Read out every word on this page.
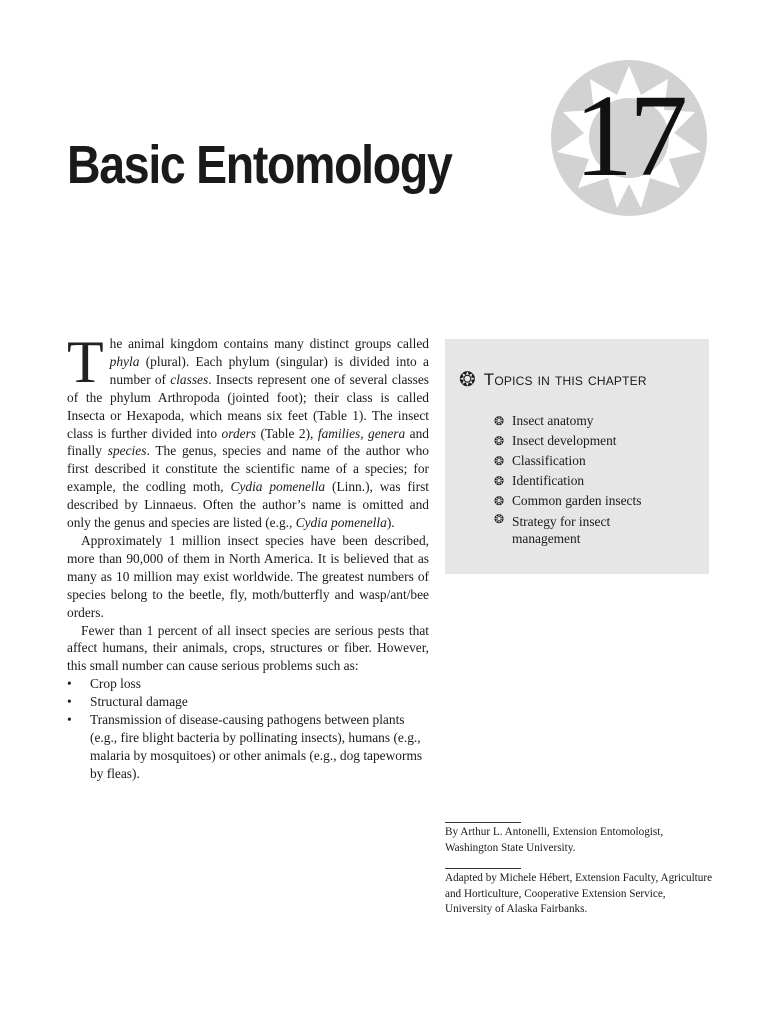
Basic Entomology 17

The animal kingdom contains many distinct groups called phyla (plural). Each phylum (singular) is divided into a number of classes. Insects represent one of several classes of the phylum Arthropoda (jointed foot); their class is called Insecta or Hexapoda, which means six feet (Table 1). The insect class is further divided into orders (Table 2), families, genera and finally species. The genus, species and name of the author who first described it constitute the scientific name of a species; for example, the codling moth, Cydia pomenella (Linn.), was first described by Linnaeus. Often the author’s name is omitted and only the genus and species are listed (e.g., Cydia pomenella).

Approximately 1 million insect species have been described, more than 90,000 of them in North America. It is believed that as many as 10 million may exist worldwide. The greatest numbers of species belong to the beetle, fly, moth/butterfly and wasp/ant/bee orders.

Fewer than 1 percent of all insect species are serious pests that affect humans, their animals, crops, structures or fiber. However, this small number can cause serious problems such as:

• Crop loss
• Structural damage
• Transmission of disease-causing pathogens between plants (e.g., fire blight bacteria by pollinating insects), humans (e.g., malaria by mosquitoes) or other animals (e.g., dog tapeworms by fleas).
❂ Topics in this chapter
❂ Insect anatomy
❂ Insect development
❂ Classification
❂ Identification
❂ Common garden insects
❂ Strategy for insect management

By Arthur L. Antonelli, Extension Entomologist, Washington State University.

Adapted by Michele Hébert, Extension Faculty, Agriculture and Horticulture, Cooperative Extension Service, University of Alaska Fairbanks.
